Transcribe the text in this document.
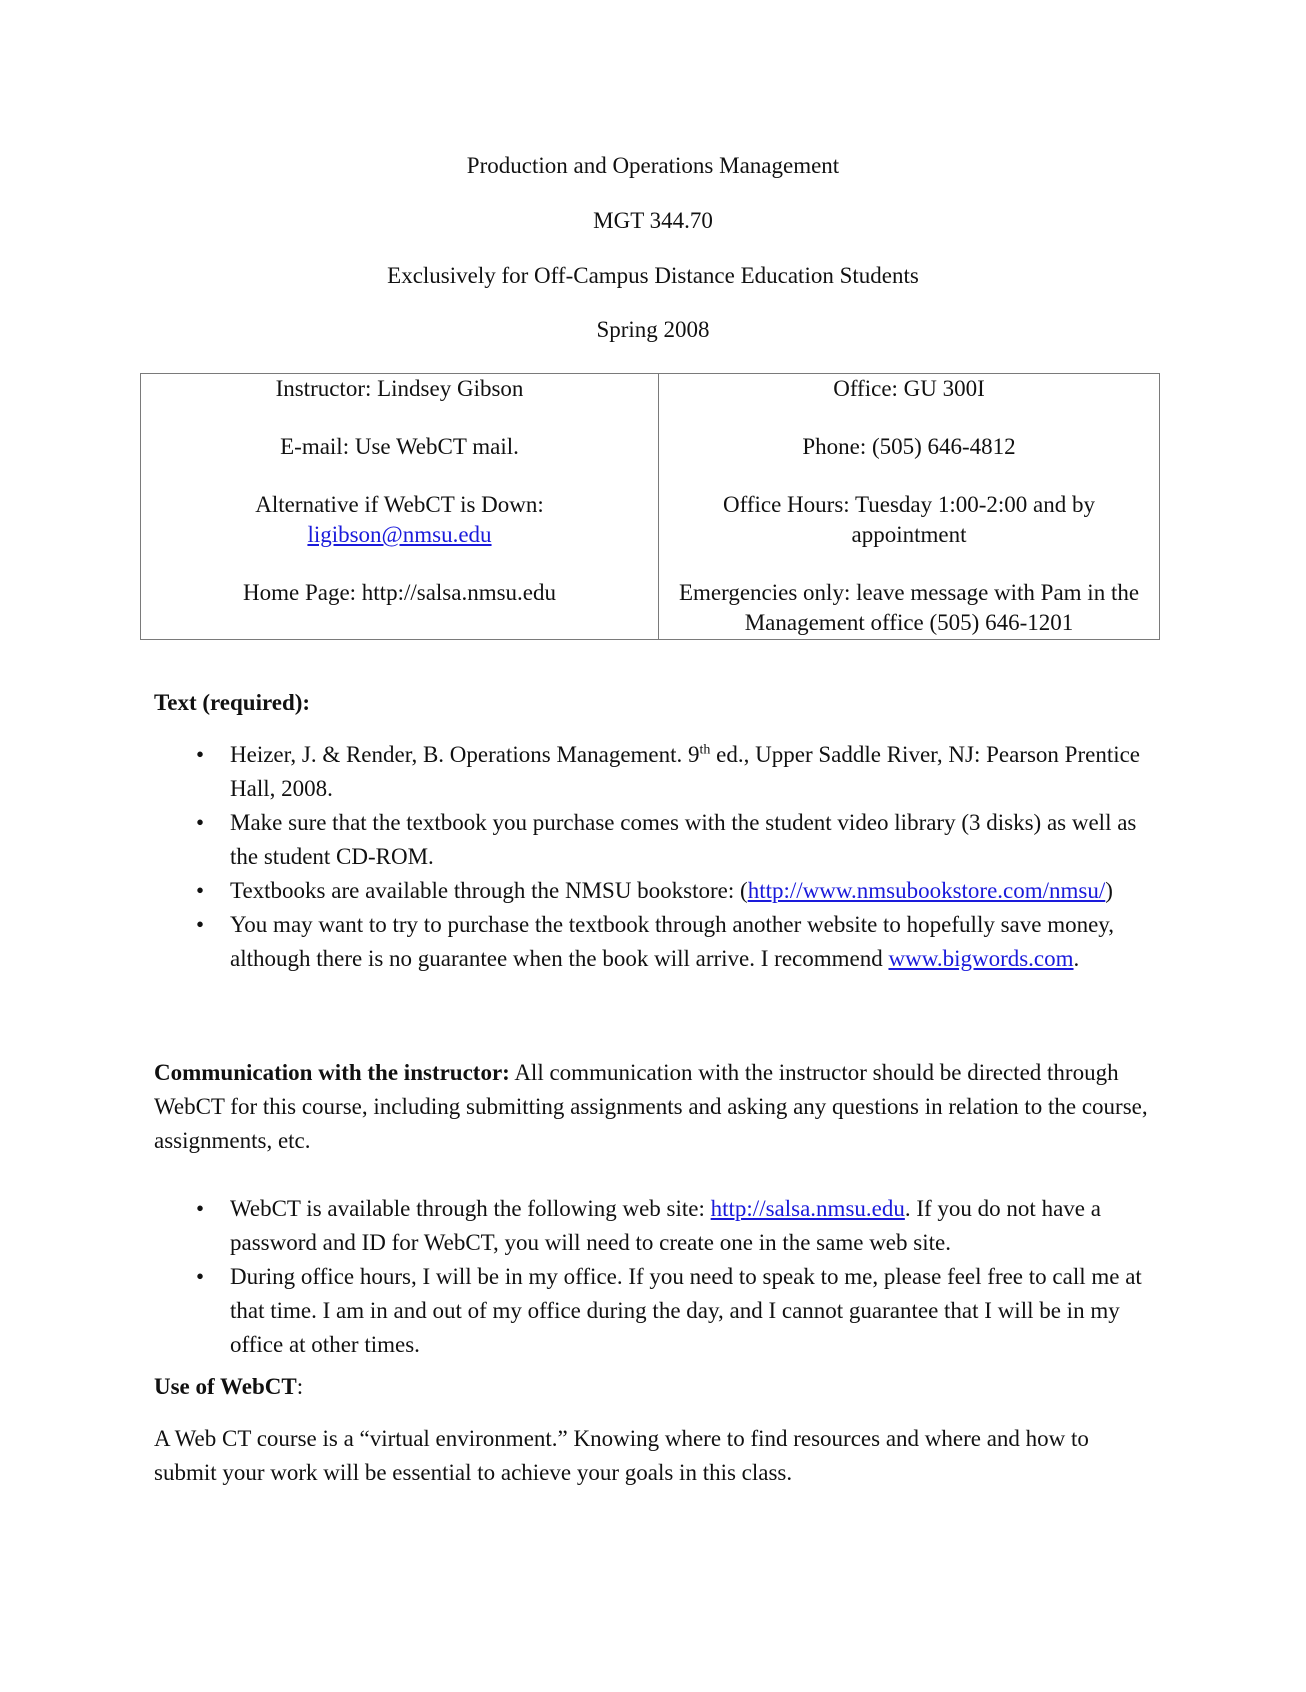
Production and Operations Management
MGT 344.70
Exclusively for Off-Campus Distance Education Students
Spring 2008

Instructor: Lindsey Gibson

E-mail: Use WebCT mail.

Alternative if WebCT is Down:
ligibson@nmsu.edu

Home Page: http://salsa.nmsu.edu

Office: GU 300I

Phone: (505) 646-4812

Office Hours: Tuesday 1:00-2:00 and by appointment

Emergencies only: leave message with Pam in the Management office (505) 646-1201

Text (required):
• Heizer, J. & Render, B. Operations Management. 9th ed., Upper Saddle River, NJ: Pearson Prentice Hall, 2008.
• Make sure that the textbook you purchase comes with the student video library (3 disks) as well as the student CD-ROM.
• Textbooks are available through the NMSU bookstore: (http://www.nmsubookstore.com/nmsu/)
• You may want to try to purchase the textbook through another website to hopefully save money, although there is no guarantee when the book will arrive. I recommend www.bigwords.com.
Communication with the instructor: All communication with the instructor should be directed through WebCT for this course, including submitting assignments and asking any questions in relation to the course, assignments, etc.
• WebCT is available through the following web site: http://salsa.nmsu.edu. If you do not have a password and ID for WebCT, you will need to create one in the same web site.
• During office hours, I will be in my office. If you need to speak to me, please feel free to call me at that time. I am in and out of my office during the day, and I cannot guarantee that I will be in my office at other times.
Use of WebCT:
A Web CT course is a “virtual environment.” Knowing where to find resources and where and how to submit your work will be essential to achieve your goals in this class.
